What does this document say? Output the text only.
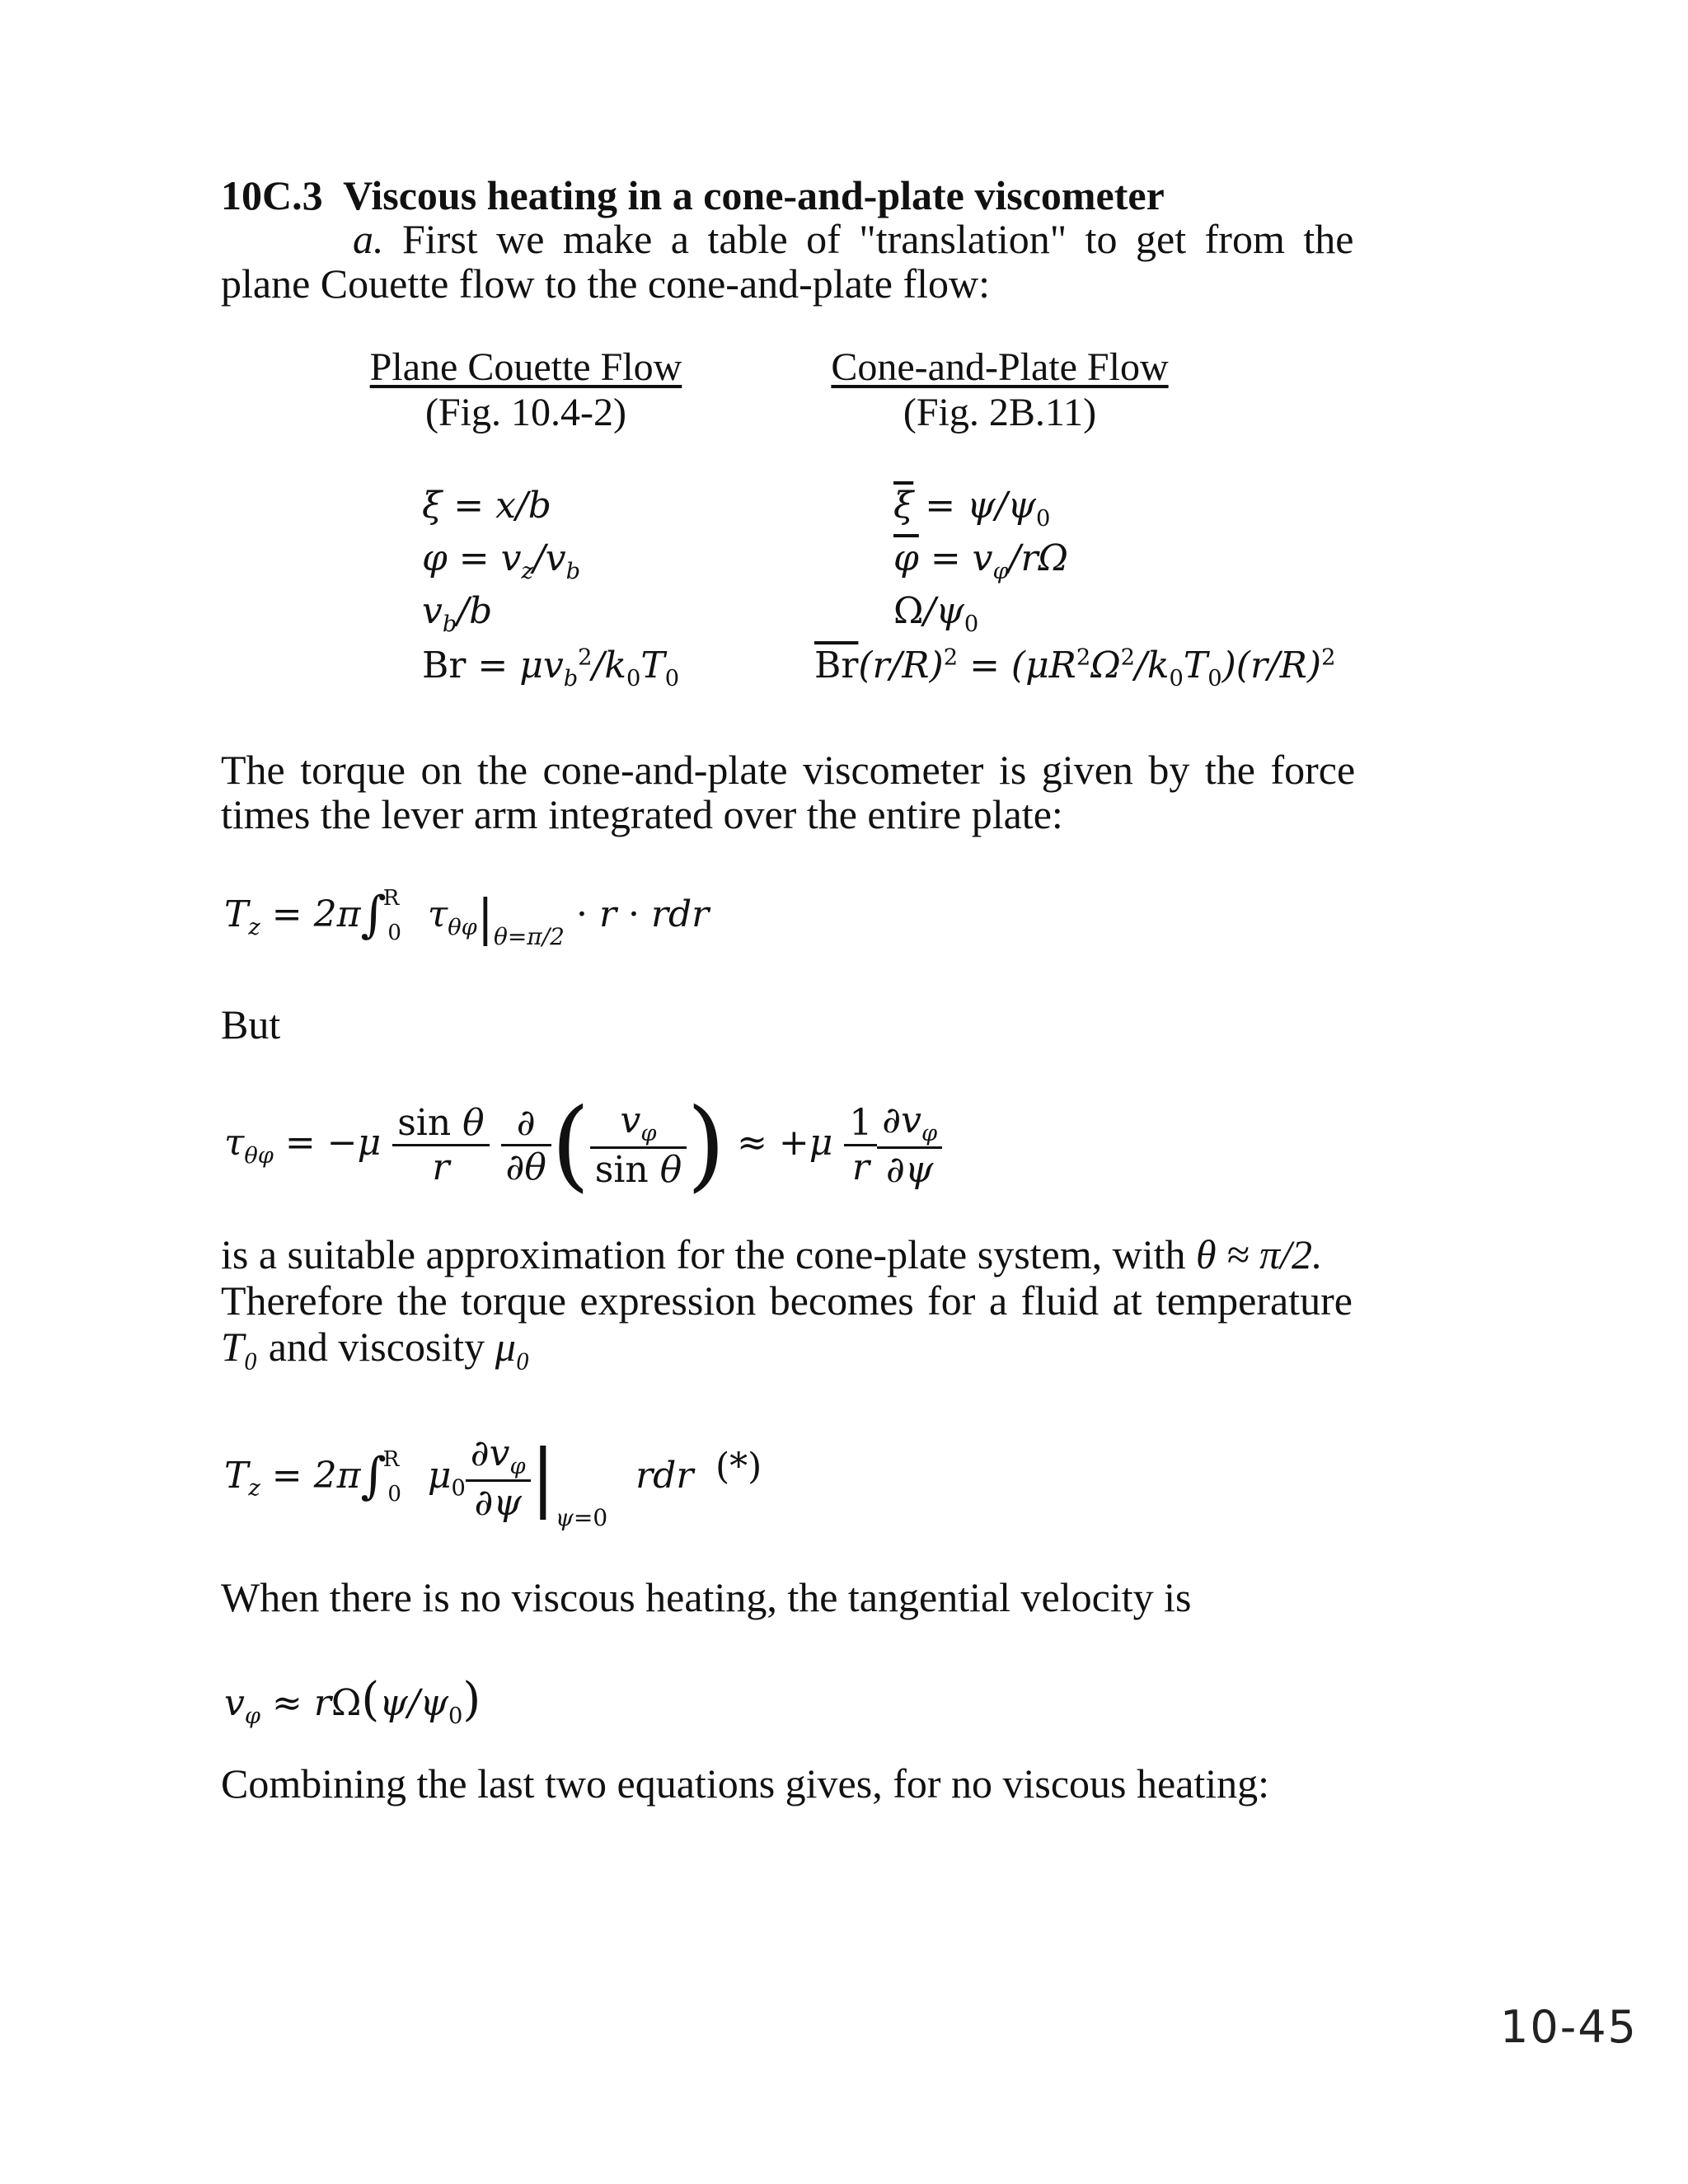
10C.3 Viscous heating in a cone-and-plate viscometer
a. First we make a table of "translation" to get from the
plane Couette flow to the cone-and-plate flow:
Plane Couette Flow
(Fig. 10.4-2)
Cone-and-Plate Flow
(Fig. 2B.11)
ξ = x/b
$\varphi = v_z/v_b$
$v_b/b$
$Br = \mu v_b^2/k_0T_0$
$\overline{\xi} = \psi/\psi_0$
$\overline{\varphi} = v_\varphi/r\Omega$
$\Omega/\psi_0$
$\overline{Br}(r/R)^2 = (\mu R^2\Omega^2/k_0T_0)(r/R)^2$
The torque on the cone-and-plate viscometer is given by the force
times the lever arm integrated over the entire plate:
$T_z = 2\pi\int^R_0$ $\tau_{\theta\varphi}|_{\theta=\pi/2} \cdot r$ · rdr
But
$\tau_{\theta\varphi} = -\mu \frac{\text{sin θ}}{r}$
$\frac{\partial}{\partial\theta}$ ( $\frac{v_\varphi}{\text{sin θ}}$ ) ≈ $+\mu \frac{1}{r} \frac{\partial v_\varphi}{\partial\psi}$
is a suitable approximation for the cone-plate system, with θ ≈ π/2.
Therefore the torque expression becomes for a fluid at temperature
T₀ and viscosity μ₀
$T_z = 2\pi\int^R_0$ $\mu_0 \frac{\partial v_\varphi}{\partial\psi} |_{\psi=0}$ rdr (*)
When there is no viscous heating, the tangential velocity is
$v_\varphi \approx r\Omega(\psi/\psi_0)$
Combining the last two equations gives, for no viscous heating:
10-45
